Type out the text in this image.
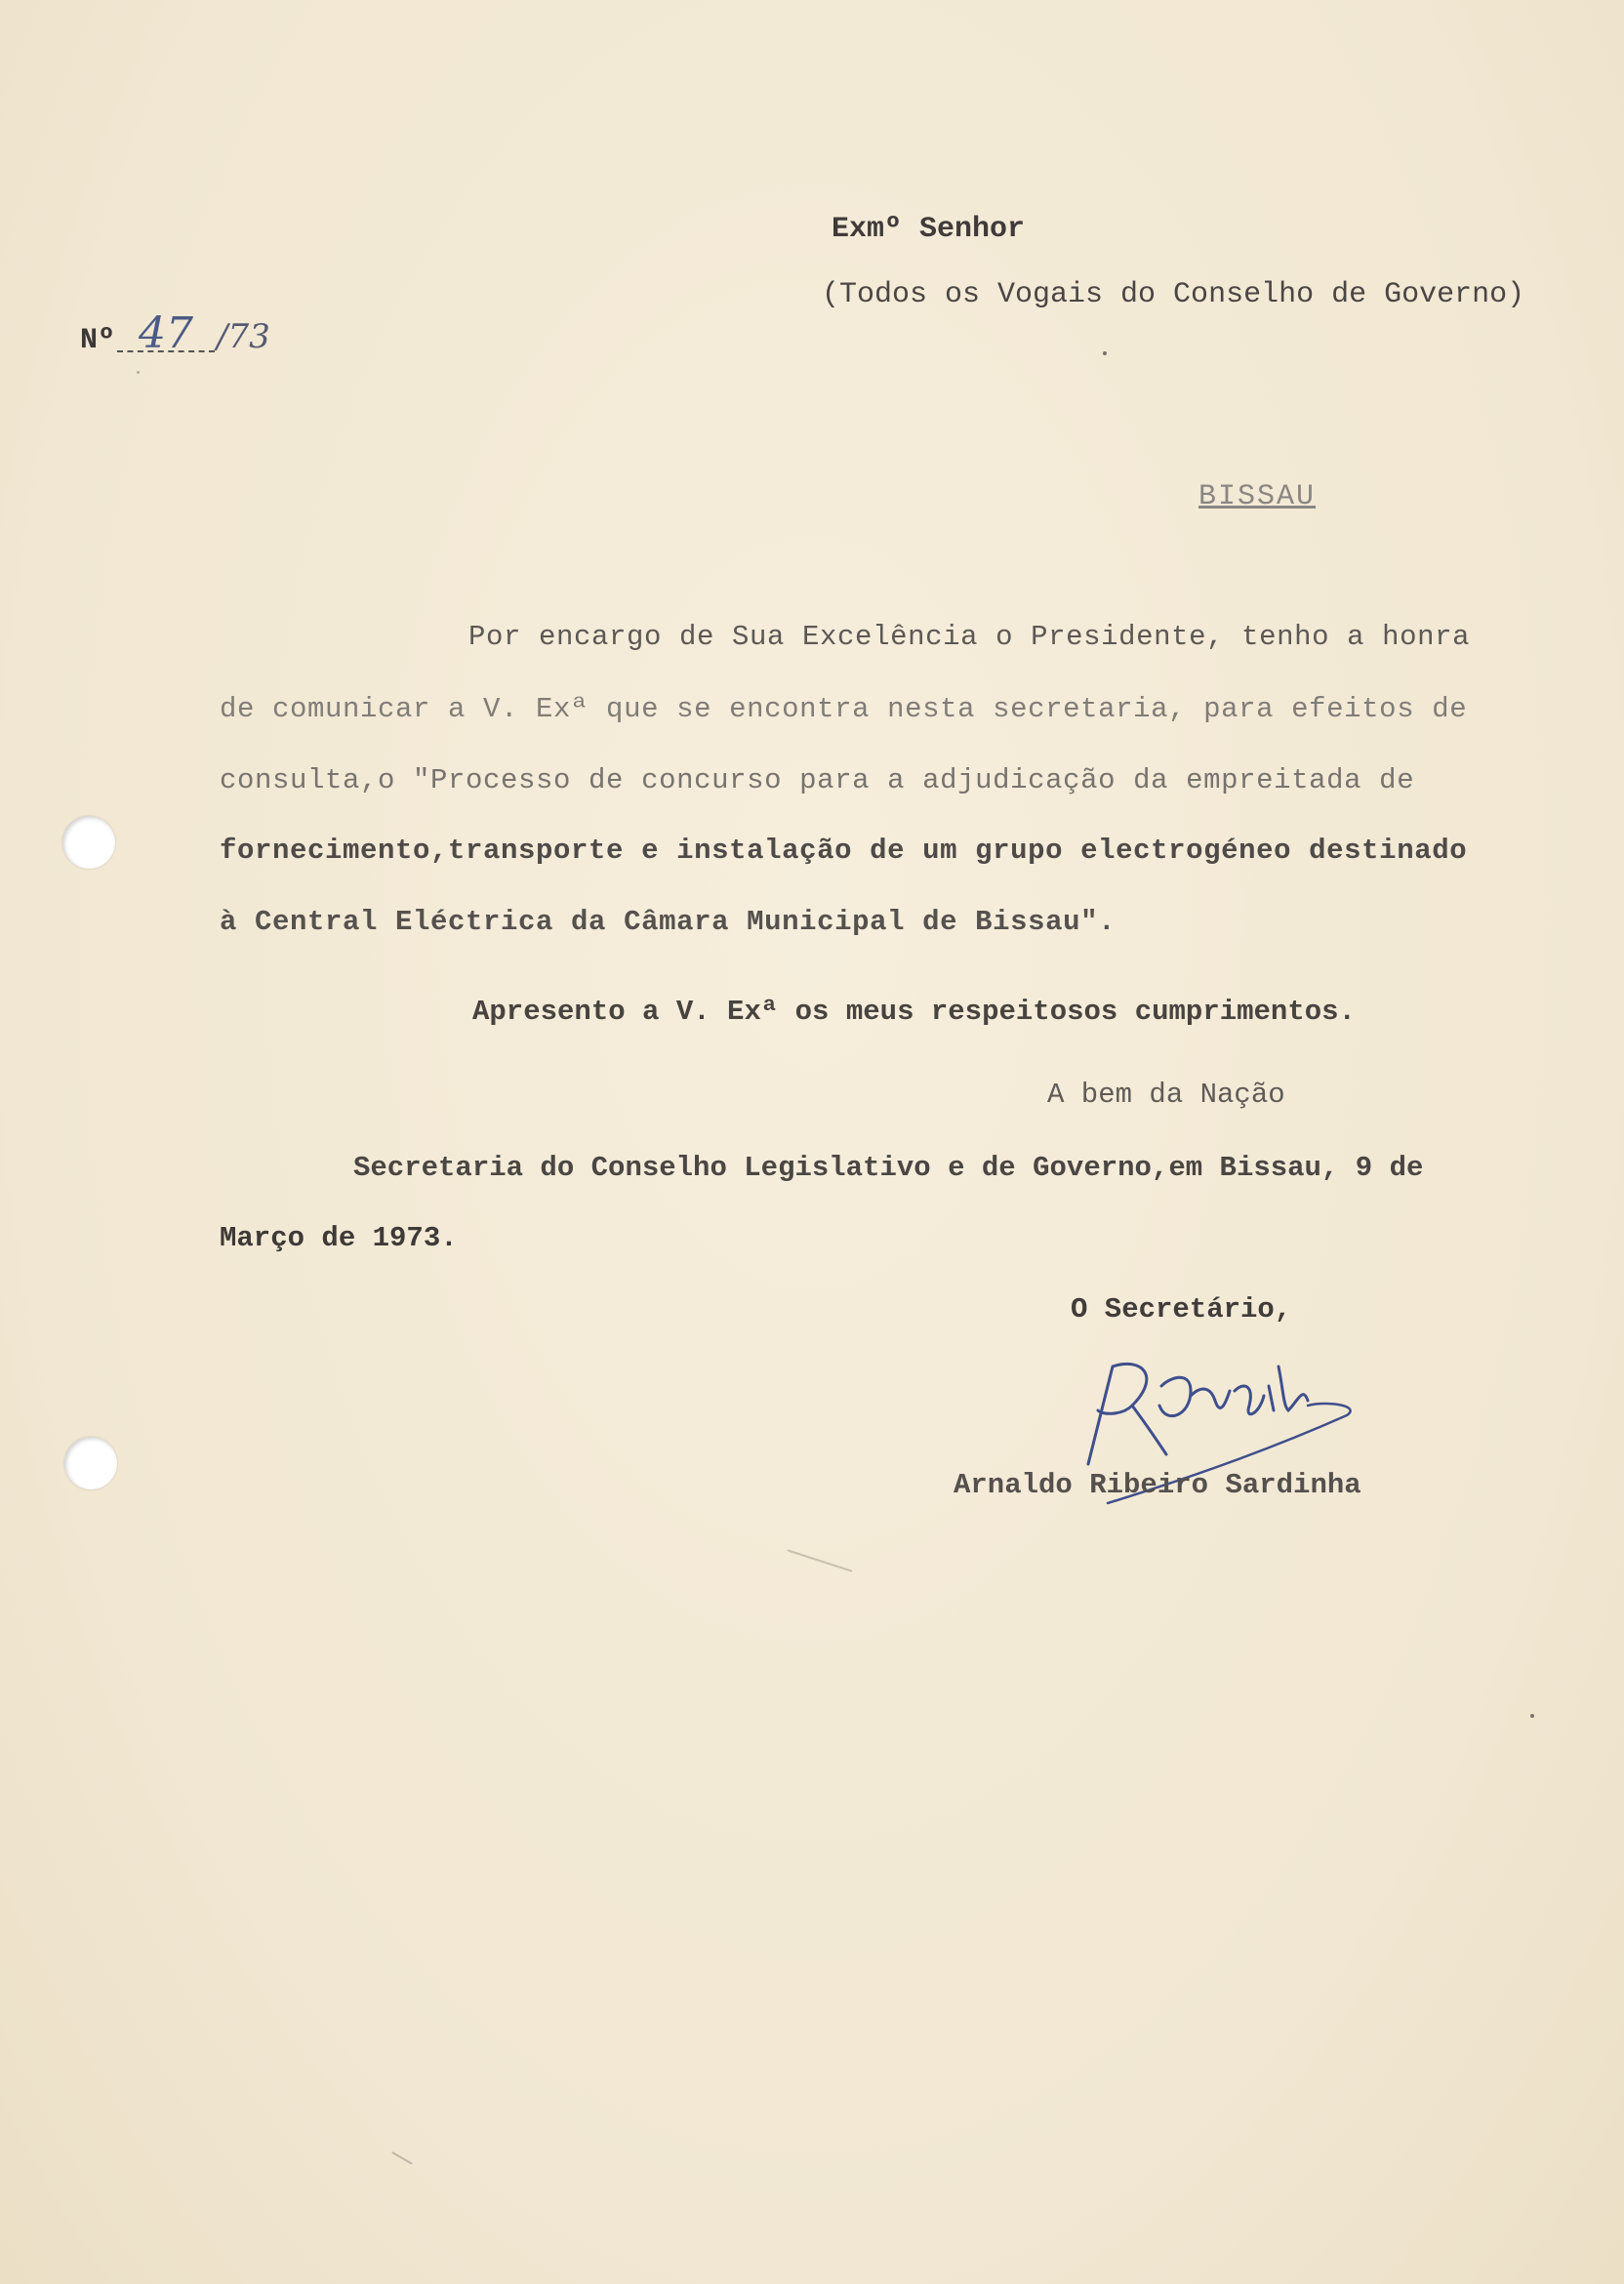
Exmº Senhor
(Todos os Vogais do Conselho de Governo)
Nº 47 /73
BISSAU
Por encargo de Sua Excelência o Presidente, tenho a honra
de comunicar a V. Exª que se encontra nesta secretaria, para efeitos de
consulta,o "Processo de concurso para a adjudicação da empreitada de
fornecimento,transporte e instalação de um grupo electrogéneo destinado
à Central Eléctrica da Câmara Municipal de Bissau".
Apresento a V. Exª os meus respeitosos cumprimentos.
A bem da Nação
Secretaria do Conselho Legislativo e de Governo,em Bissau, 9 de
Março de 1973.
O Secretário,
Arnaldo Ribeiro Sardinha
